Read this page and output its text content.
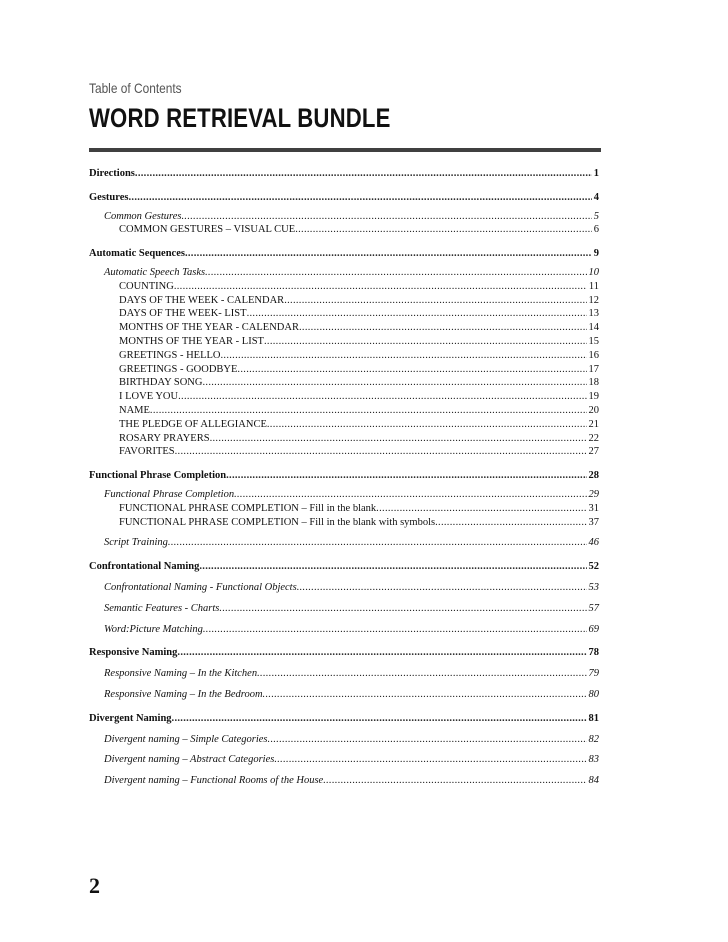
Table of Contents
WORD RETRIEVAL BUNDLE
Directions .....	1
Gestures .....	4
Common Gestures .....	5
COMMON GESTURES – VISUAL CUE .....	6
Automatic Sequences .....	9
Automatic Speech Tasks .....	10
COUNTING .....	11
DAYS OF THE WEEK - CALENDAR .....	12
DAYS OF THE WEEK- LIST .....	13
MONTHS OF THE YEAR - CALENDAR .....	14
MONTHS OF THE YEAR - LIST .....	15
GREETINGS - HELLO .....	16
GREETINGS - GOODBYE .....	17
BIRTHDAY SONG .....	18
I LOVE YOU .....	19
NAME .....	20
THE PLEDGE OF ALLEGIANCE .....	21
ROSARY PRAYERS .....	22
FAVORITES .....	27
Functional Phrase Completion .....	28
Functional Phrase Completion .....	29
FUNCTIONAL PHRASE COMPLETION – Fill in the blank .....	31
FUNCTIONAL PHRASE COMPLETION – Fill in the blank with symbols .....	37
Script Training .....	46
Confrontational Naming .....	52
Confrontational Naming - Functional Objects .....	53
Semantic Features - Charts .....	57
Word:Picture Matching .....	69
Responsive Naming .....	78
Responsive Naming – In the Kitchen .....	79
Responsive Naming – In the Bedroom .....	80
Divergent Naming .....	81
Divergent naming – Simple Categories .....	82
Divergent naming – Abstract Categories .....	83
Divergent naming – Functional Rooms of the House .....	84
2
